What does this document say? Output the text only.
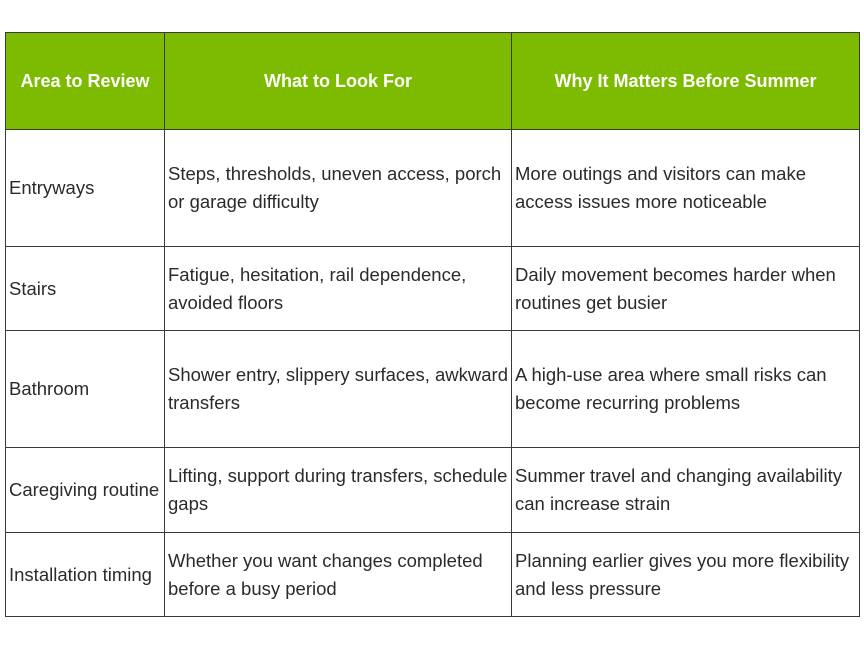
Area to Review	What to Look For	Why It Matters Before Summer
Entryways	Steps, thresholds, uneven access, porch or garage difficulty	More outings and visitors can make access issues more noticeable
Stairs	Fatigue, hesitation, rail dependence, avoided floors	Daily movement becomes harder when routines get busier
Bathroom	Shower entry, slippery surfaces, awkward transfers	A high-use area where small risks can become recurring problems
Caregiving routine	Lifting, support during transfers, schedule gaps	Summer travel and changing availability can increase strain
Installation timing	Whether you want changes completed before a busy period	Planning earlier gives you more flexibility and less pressure
